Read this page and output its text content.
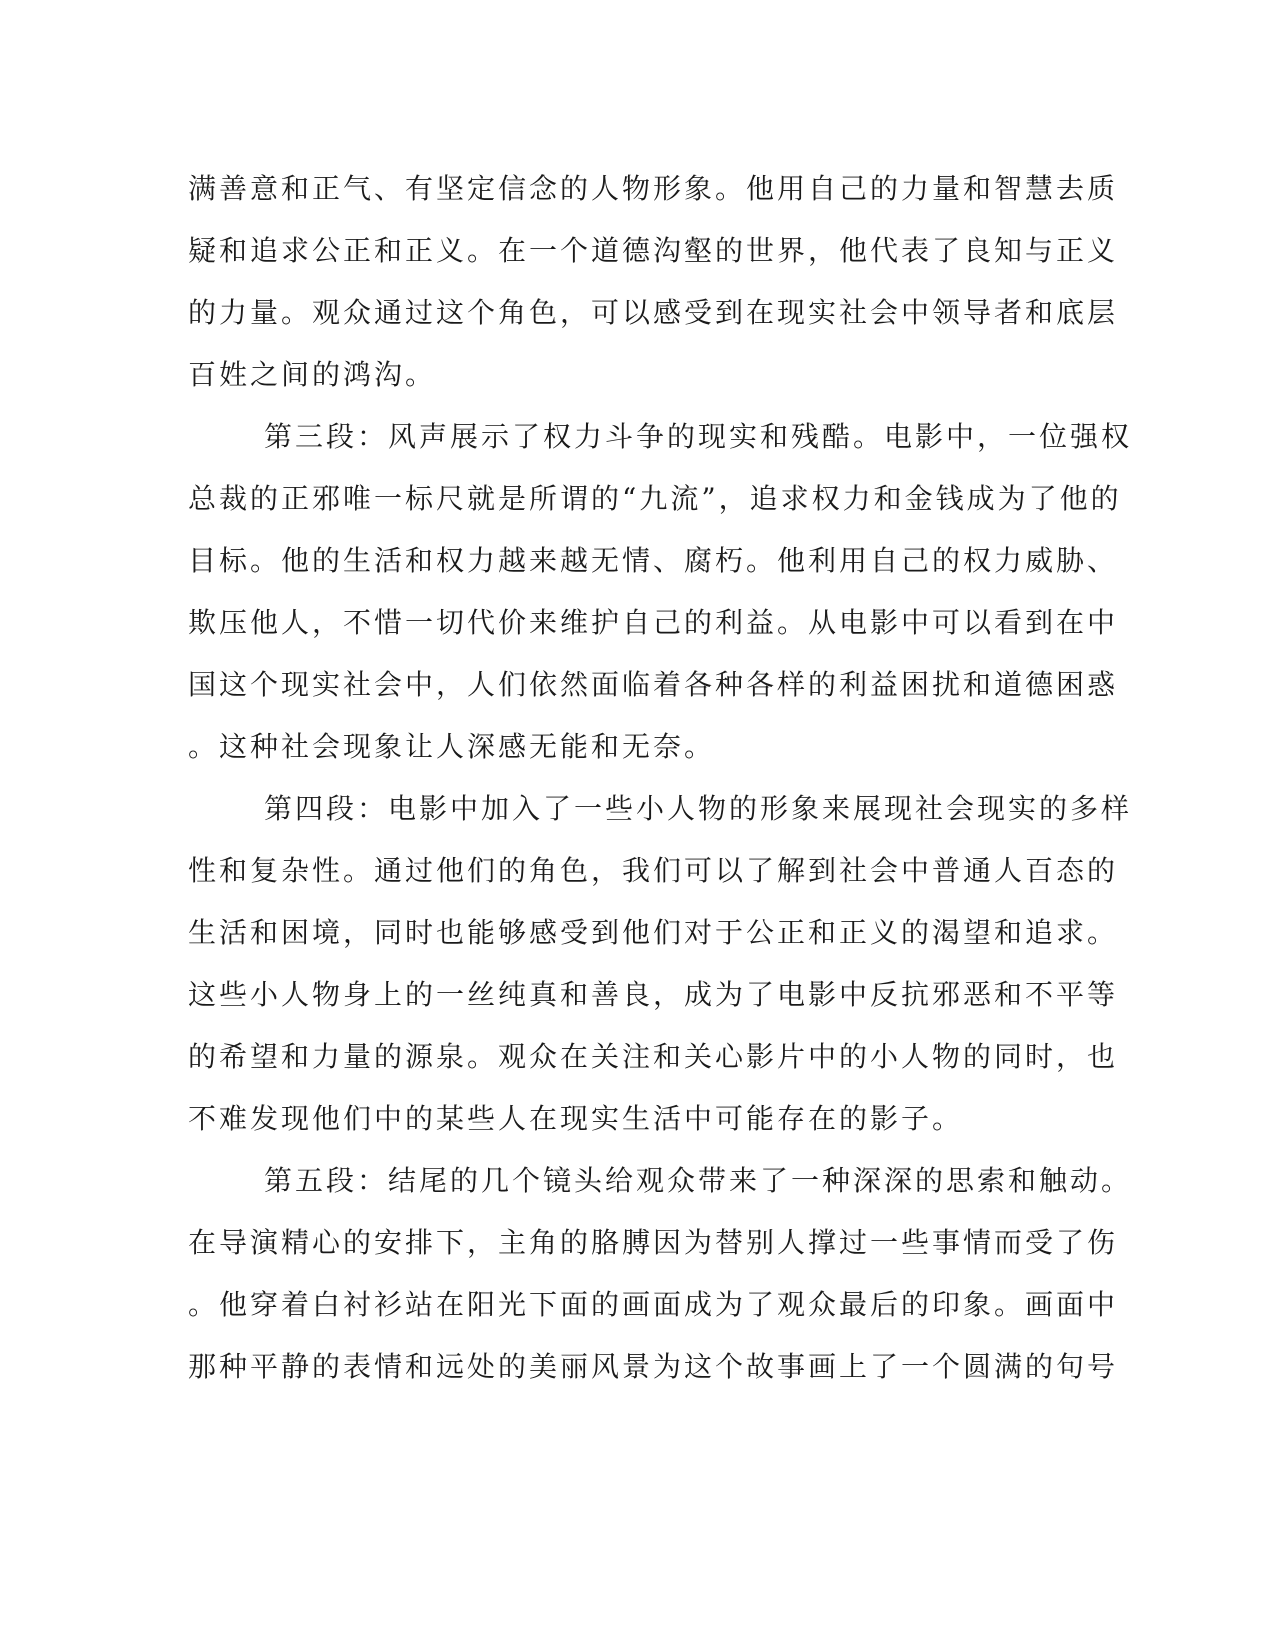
满善意和正气、有坚定信念的人物形象。他用自己的力量和智慧去质
疑和追求公正和正义。在一个道德沟壑的世界，他代表了良知与正义
的力量。观众通过这个角色，可以感受到在现实社会中领导者和底层
百姓之间的鸿沟。
第三段：风声展示了权力斗争的现实和残酷。电影中，一位强权
总裁的正邪唯一标尺就是所谓的“九流”，追求权力和金钱成为了他的
目标。他的生活和权力越来越无情、腐朽。他利用自己的权力威胁、
欺压他人，不惜一切代价来维护自己的利益。从电影中可以看到在中
国这个现实社会中，人们依然面临着各种各样的利益困扰和道德困惑
。这种社会现象让人深感无能和无奈。
第四段：电影中加入了一些小人物的形象来展现社会现实的多样
性和复杂性。通过他们的角色，我们可以了解到社会中普通人百态的
生活和困境，同时也能够感受到他们对于公正和正义的渴望和追求。
这些小人物身上的一丝纯真和善良，成为了电影中反抗邪恶和不平等
的希望和力量的源泉。观众在关注和关心影片中的小人物的同时，也
不难发现他们中的某些人在现实生活中可能存在的影子。
第五段：结尾的几个镜头给观众带来了一种深深的思索和触动。
在导演精心的安排下，主角的胳膊因为替别人撑过一些事情而受了伤
。他穿着白衬衫站在阳光下面的画面成为了观众最后的印象。画面中
那种平静的表情和远处的美丽风景为这个故事画上了一个圆满的句号
